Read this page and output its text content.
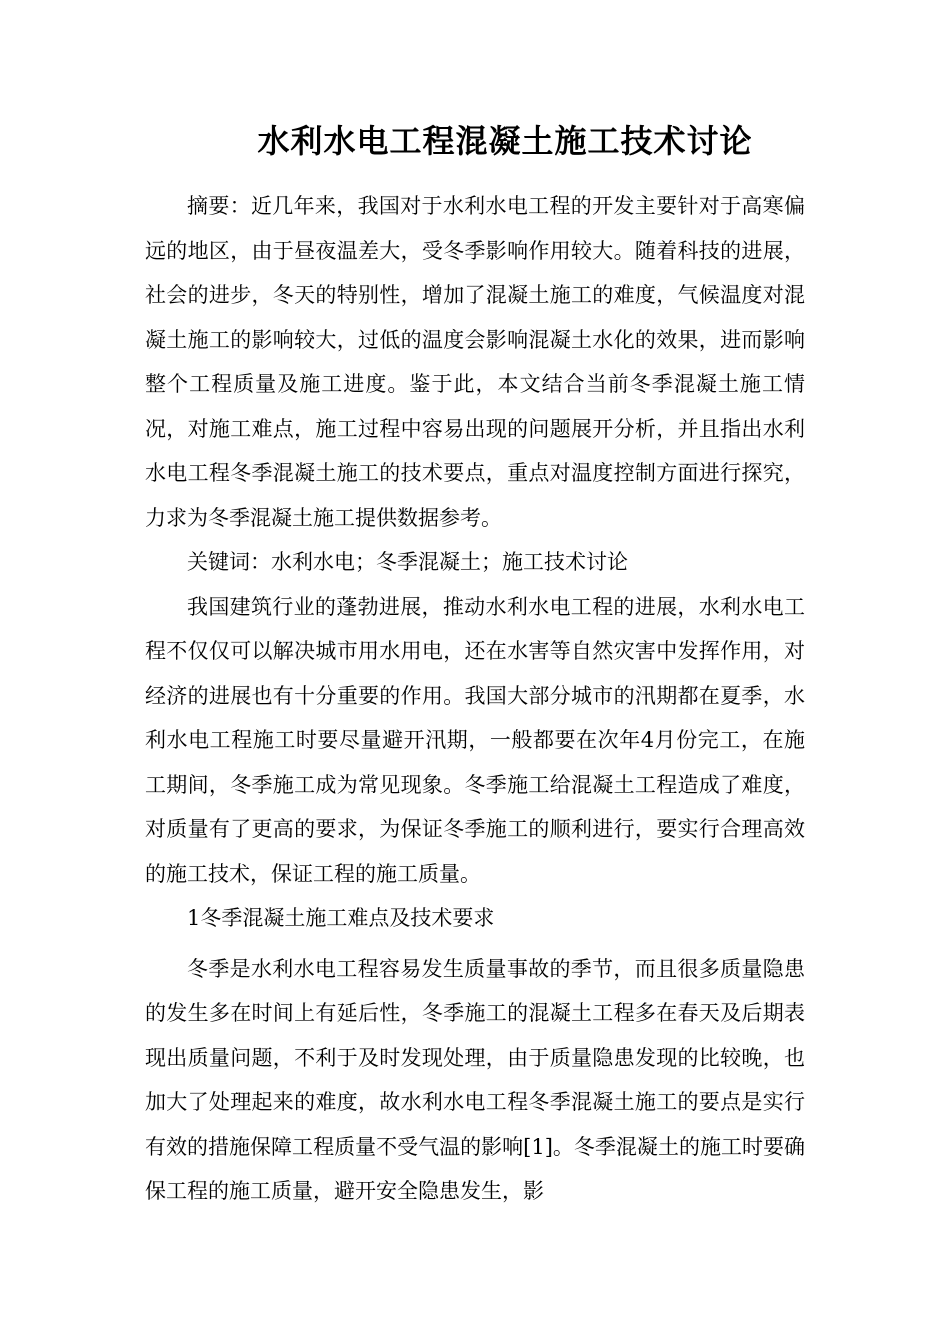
水利水电工程混凝土施工技术讨论

摘要：近几年来，我国对于水利水电工程的开发主要针对于高寒偏远的地区，由于昼夜温差大，受冬季影响作用较大。随着科技的进展，社会的进步，冬天的特别性，增加了混凝土施工的难度，气候温度对混凝土施工的影响较大，过低的温度会影响混凝土水化的效果，进而影响整个工程质量及施工进度。鉴于此，本文结合当前冬季混凝土施工情况，对施工难点，施工过程中容易出现的问题展开分析，并且指出水利水电工程冬季混凝土施工的技术要点，重点对温度控制方面进行探究，力求为冬季混凝土施工提供数据参考。

关键词：水利水电；冬季混凝土；施工技术讨论

我国建筑行业的蓬勃进展，推动水利水电工程的进展，水利水电工程不仅仅可以解决城市用水用电，还在水害等自然灾害中发挥作用，对经济的进展也有十分重要的作用。我国大部分城市的汛期都在夏季，水利水电工程施工时要尽量避开汛期，一般都要在次年4月份完工，在施工期间，冬季施工成为常见现象。冬季施工给混凝土工程造成了难度，对质量有了更高的要求，为保证冬季施工的顺利进行，要实行合理高效的施工技术，保证工程的施工质量。

1冬季混凝土施工难点及技术要求

冬季是水利水电工程容易发生质量事故的季节，而且很多质量隐患的发生多在时间上有延后性，冬季施工的混凝土工程多在春天及后期表现出质量问题，不利于及时发现处理，由于质量隐患发现的比较晚，也加大了处理起来的难度，故水利水电工程冬季混凝土施工的要点是实行有效的措施保障工程质量不受气温的影响[1]。冬季混凝土的施工时要确保工程的施工质量，避开安全隐患发生，影
